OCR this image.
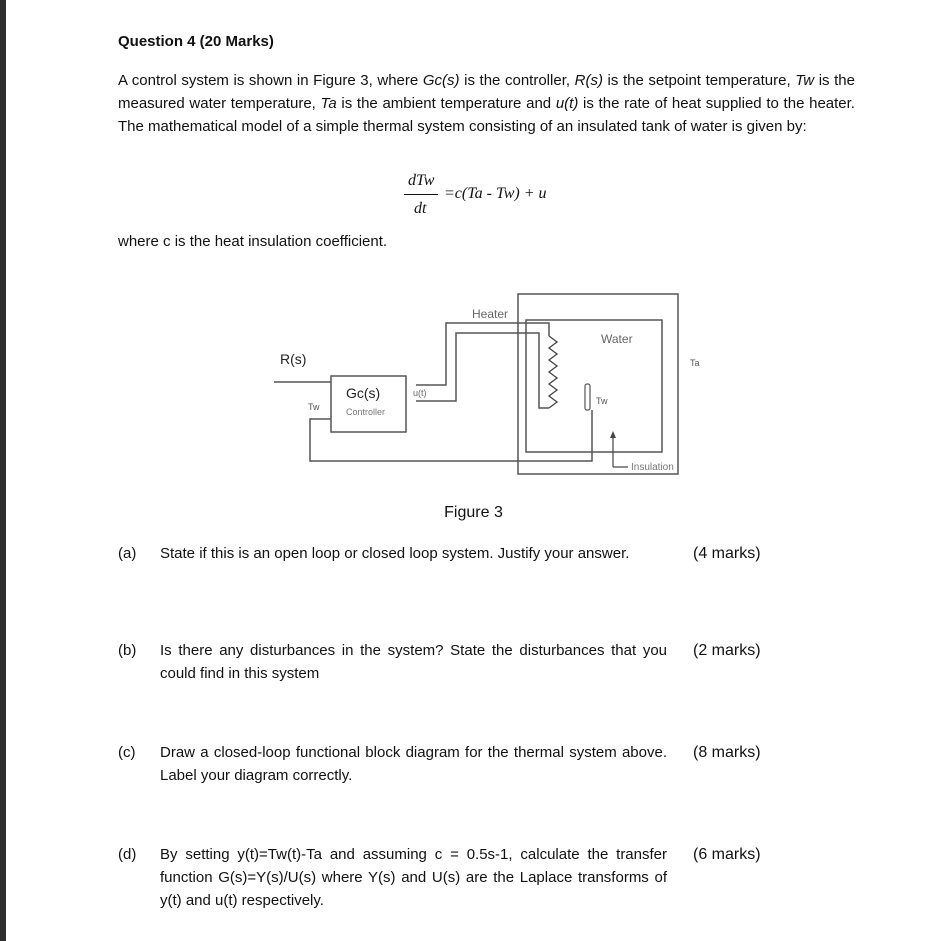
Question 4 (20 Marks)
A control system is shown in Figure 3, where Gc(s) is the controller, R(s) is the setpoint temperature, Tw is the measured water temperature, Ta is the ambient temperature and u(t) is the rate of heat supplied to the heater. The mathematical model of a simple thermal system consisting of an insulated tank of water is given by:
dTw
dt
=c(Ta - Tw) + u
where c is the heat insulation coefficient.
Heater
Water
Ta
R(s)
Gc(s)
Controller
u(t)
Tw
Tw
Insulation
Figure 3
(a) State if this is an open loop or closed loop system. Justify your answer.	(4 marks)
(b) Is there any disturbances in the system? State the disturbances that you could find in this system
(2 marks)
(c) Draw a closed-loop functional block diagram for the thermal system above. Label your diagram correctly.
(8 marks)
(d) By setting y(t)=Tw(t)-Ta and assuming c = 0.5s-1, calculate the transfer function G(s)=Y(s)/U(s) where Y(s) and U(s) are the Laplace transforms of y(t) and u(t) respectively.
(6 marks)
